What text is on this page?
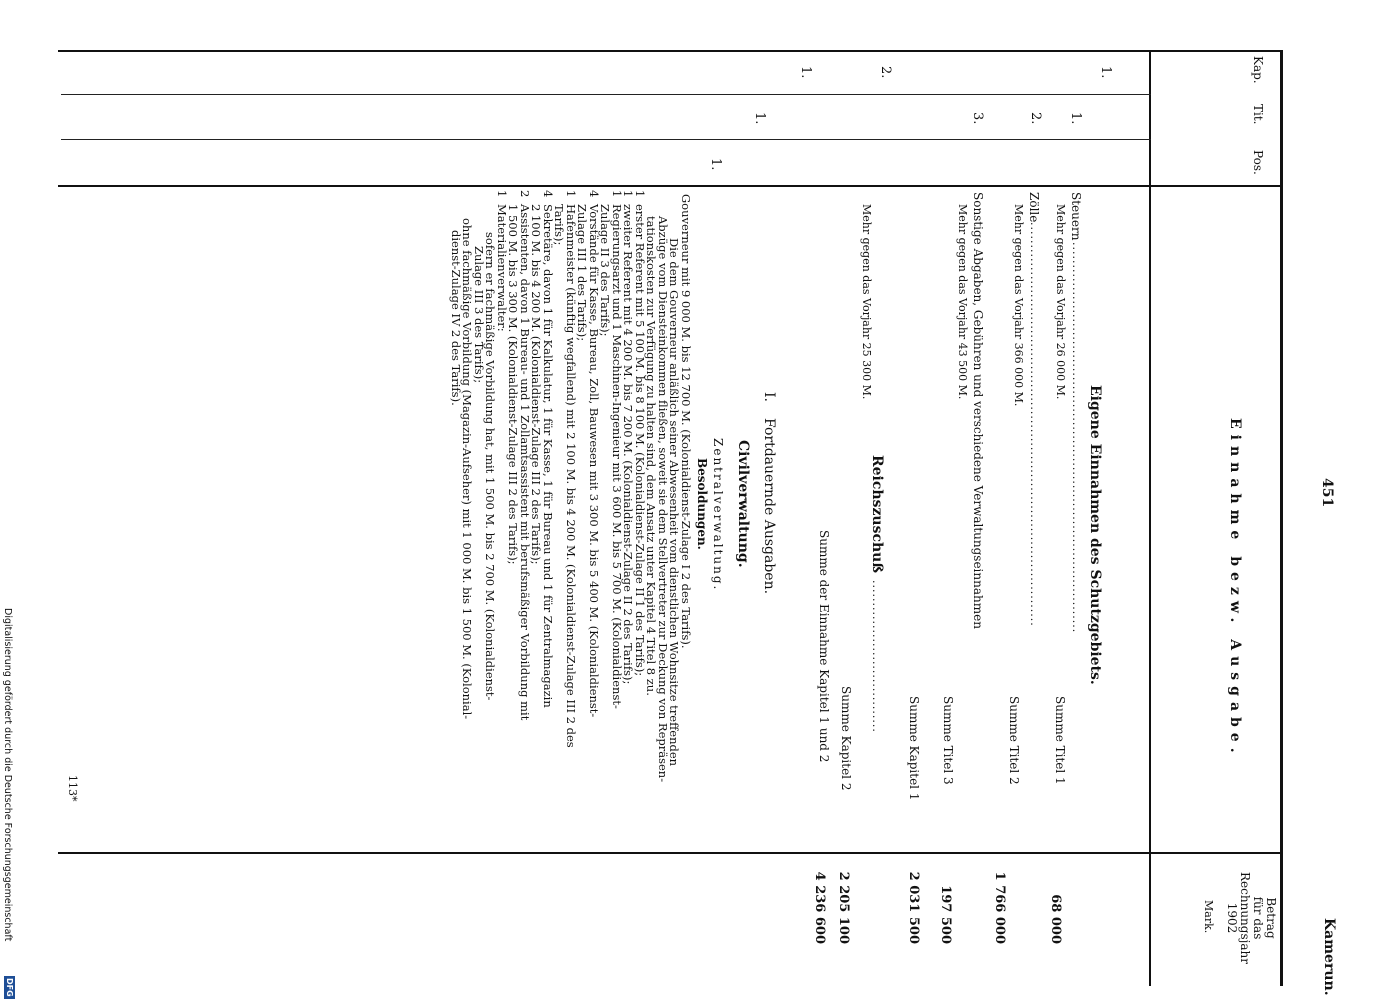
451
Kamerun.
Kap.
Tit.
Pos.
Einnahme bezw. Ausgabe.
Betrag
für das
Rechnungsjahr
1902
Mark.
Eigene Einnahmen des Schutzgebiets.
1.
1.
Steuern
.......................................................................................
Mehr gegen das Vorjahr 26 000 M.
Summe Titel 1
68 000
2.
Zölle
..........................................................................................
Mehr gegen das Vorjahr 366 000 M.
Summe Titel 2
1 766 000
3.
Sonstige Abgaben, Gebühren und verschiedene Verwaltungseinnahmen
Mehr gegen das Vorjahr 43 500 M.
Summe Titel 3
197 500
Summe Kapitel 1
2 031 500
2.
Reichszuschuß
..................................
Mehr gegen das Vorjahr 25 300 M.
Summe Kapitel 2
2 205 100
Summe der Einnahme Kapitel 1 und 2
4 236 600
I.
Fortdauernde Ausgaben.
Civilverwaltung.
Zentralverwaltung.
Besoldungen.
1.
1.
1.
Gouverneur mit 9 000 M. bis 12 700 M. (Kolonialdienst-Zulage I 2 des Tarifs).
Die dem Gouverneur anläßlich seiner Abwesenheit vom dienstlichen Wohnsitze treffenden
Abzüge vom Diensteinkommen fließen, soweit sie dem Stellvertreter zur Deckung von Repräsen-
tationskosten zur Verfügung zu halten sind, dem Ansatz unter Kapitel 4 Titel 8 zu.
1
erster Referent mit 5 100 M. bis 8 100 M. (Kolonialdienst-Zulage II 1 des Tarifs);
1
zweiter Referent mit 4 200 M. bis 7 200 M. (Kolonialdienst-Zulage II 2 des Tarifs);
1
Regierungsarzt und 1 Maschinen-Ingenieur mit 3 600 M. bis 5 700 M. (Kolonialdienst-
Zulage II 3 des Tarifs);
4
Vorstände für Kasse, Bureau, Zoll, Bauwesen mit 3 300 M. bis 5 400 M. (Kolonialdienst-
Zulage III 1 des Tarifs);
1
Hafenmeister (künftig wegfallend) mit 2 100 M. bis 4 200 M. (Kolonialdienst-Zulage III 2 des
Tarifs);
4
Sekretäre, davon 1 für Kalkulatur, 1 für Kasse, 1 für Bureau und 1 für Zentralmagazin
2 100 M. bis 4 200 M. (Kolonialdienst-Zulage III 2 des Tarifs);
2
Assistenten, davon 1 Bureau- und 1 Zollamtsassistent mit berufsmäßiger Vorbildung mit
1 500 M. bis 3 300 M. (Kolonialdienst-Zulage III 2 des Tarifs);
1
Materialienverwalter:
sofern er fachmäßige Vorbildung hat, mit 1 500 M. bis 2 700 M. (Kolonialdienst-
Zulage III 3 des Tarifs);
ohne fachmäßige Vorbildung (Magazin-Aufseher) mit 1 000 M. bis 1 500 M. (Kolonial-
dienst-Zulage IV 2 des Tarifs).
113*
Digitalisierung gefördert durch die Deutsche Forschungsgemeinschaft
DFG
